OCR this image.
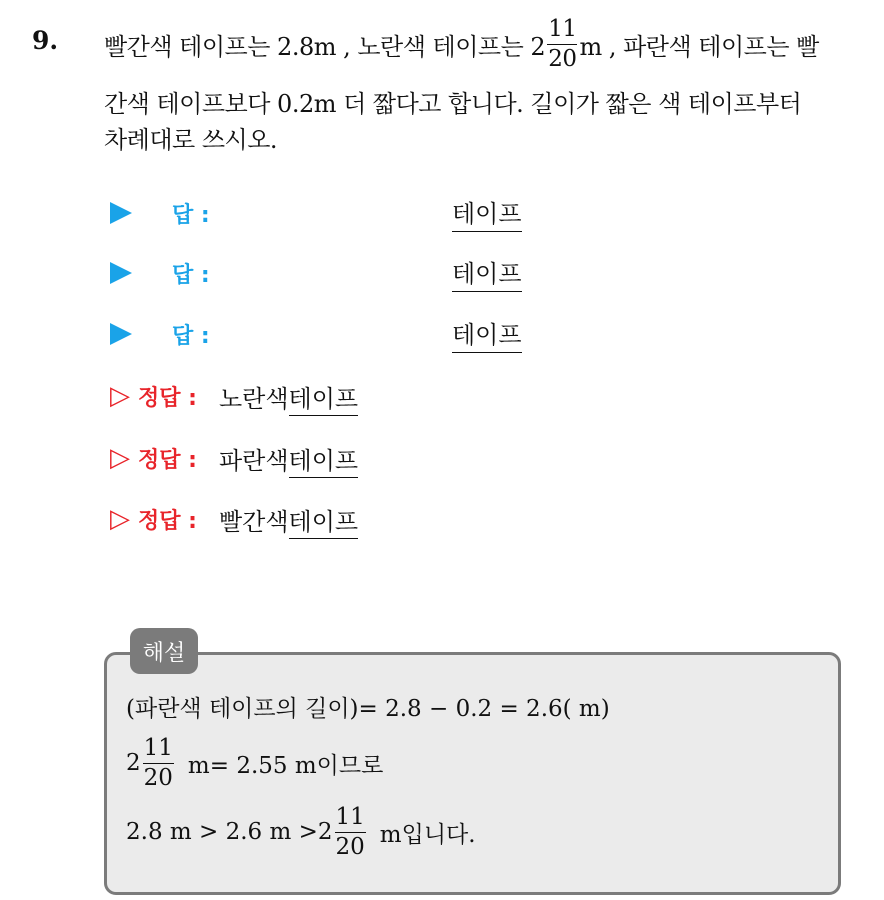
9. 빨간색 테이프는 2.8m , 노란색 테이프는 $2 \frac{11}{20}$ m , 파란색 테이프는 빨
간색 테이프보다 0.2m 더 짧다고 합니다. 길이가 짧은 색 테이프부터
차례대로 쓰시오.
답 :	테이프
답 :	테이프
답 :	테이프
▷ 정답 : 노란색테이프
▷ 정답 : 파란색테이프
▷ 정답 : 빨간색테이프
해설
(파란색 테이프의 길이)= 2.8 − 0.2 = 2.6( m)
$2 \frac{11}{20} m= 2.55$ m이므로
2.8 m > 2.6 $m >2 \frac{11}{20}$ m입니다.
